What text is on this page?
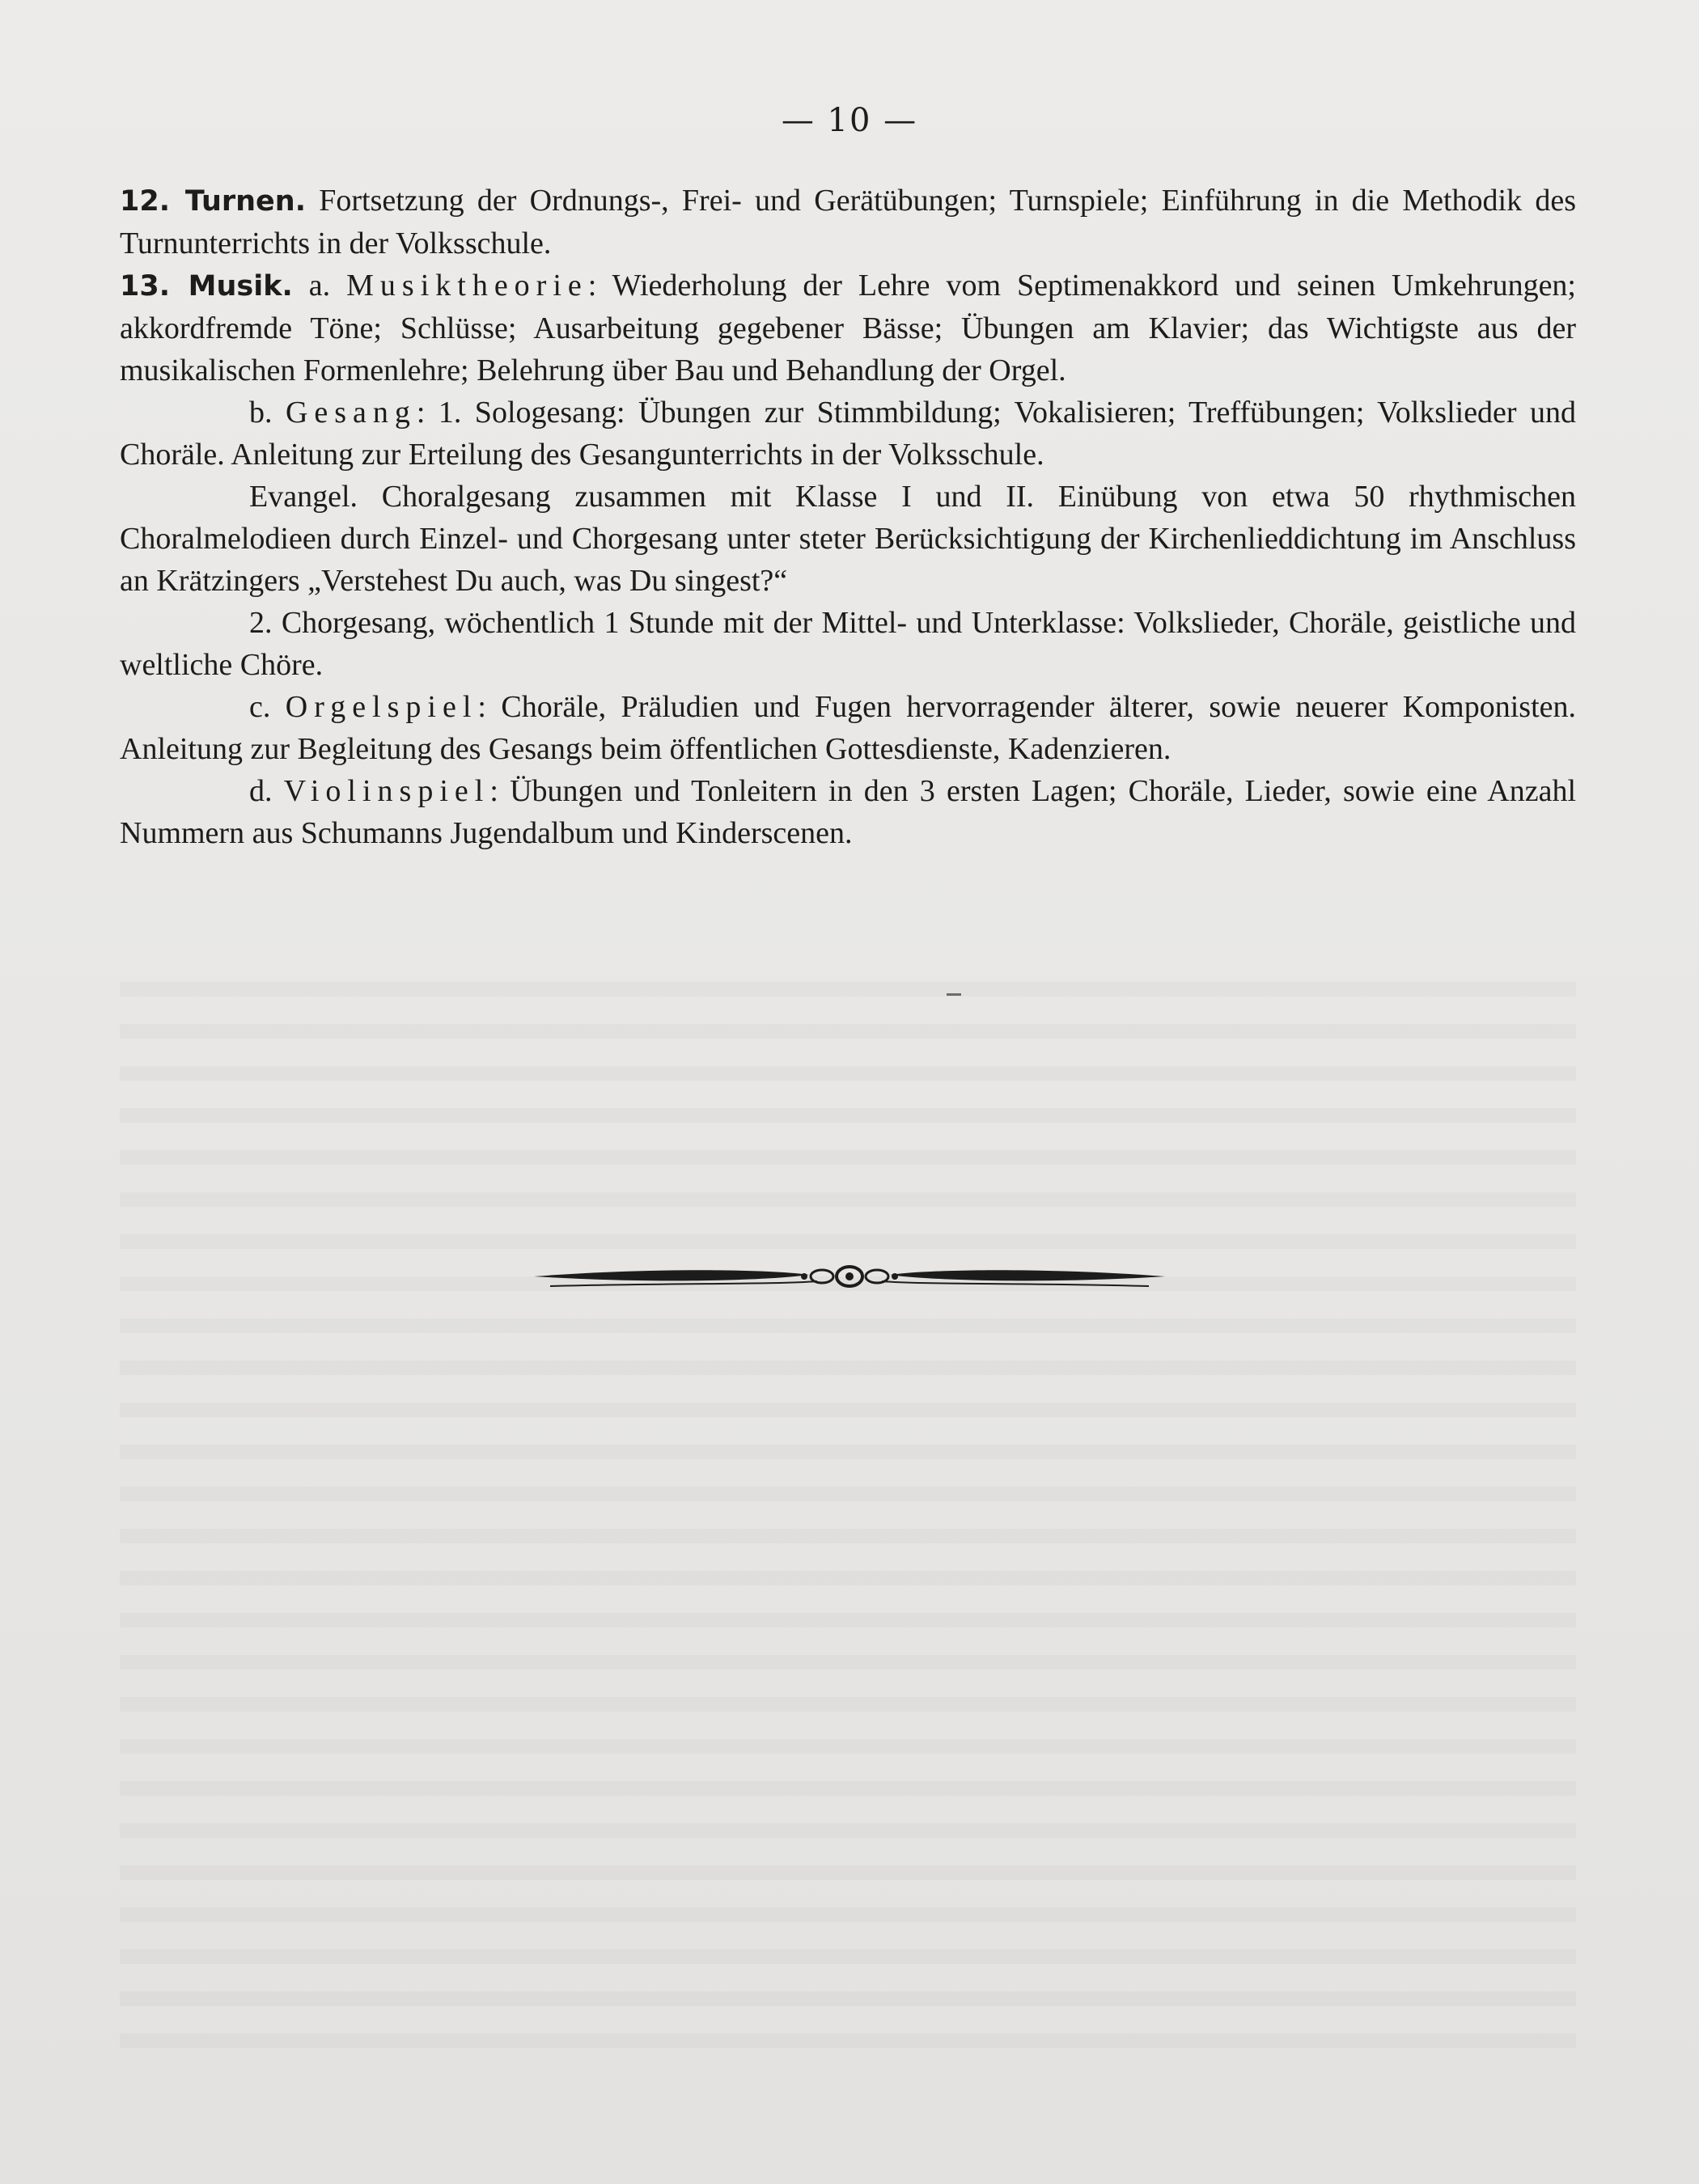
— 10 —

12. Turnen. Fortsetzung der Ordnungs-, Frei- und Gerätübungen; Turnspiele; Einführung in die Methodik des Turnunterrichts in der Volksschule.

13. Musik. a. Musiktheorie: Wiederholung der Lehre vom Septimenakkord und seinen Umkehrungen; akkordfremde Töne; Schlüsse; Ausarbeitung gegebener Bässe; Übungen am Klavier; das Wichtigste aus der musikalischen Formenlehre; Belehrung über Bau und Behandlung der Orgel.

b. Gesang: 1. Sologesang: Übungen zur Stimmbildung; Vokalisieren; Treffübungen; Volkslieder und Choräle. Anleitung zur Erteilung des Gesangunterrichts in der Volksschule.

Evangel. Choralgesang zusammen mit Klasse I und II. Einübung von etwa 50 rhythmischen Choralmelodieen durch Einzel- und Chorgesang unter steter Berücksichtigung der Kirchenlieddichtung im Anschluss an Krätzingers „Verstehest Du auch, was Du singest?“

2. Chorgesang, wöchentlich 1 Stunde mit der Mittel- und Unterklasse: Volkslieder, Choräle, geistliche und weltliche Chöre.

c. Orgelspiel: Choräle, Präludien und Fugen hervorragender älterer, sowie neuerer Komponisten. Anleitung zur Begleitung des Gesangs beim öffentlichen Gottesdienste, Kadenzieren.

d. Violinspiel: Übungen und Tonleitern in den 3 ersten Lagen; Choräle, Lieder, sowie eine Anzahl Nummern aus Schumanns Jugendalbum und Kinderscenen.
